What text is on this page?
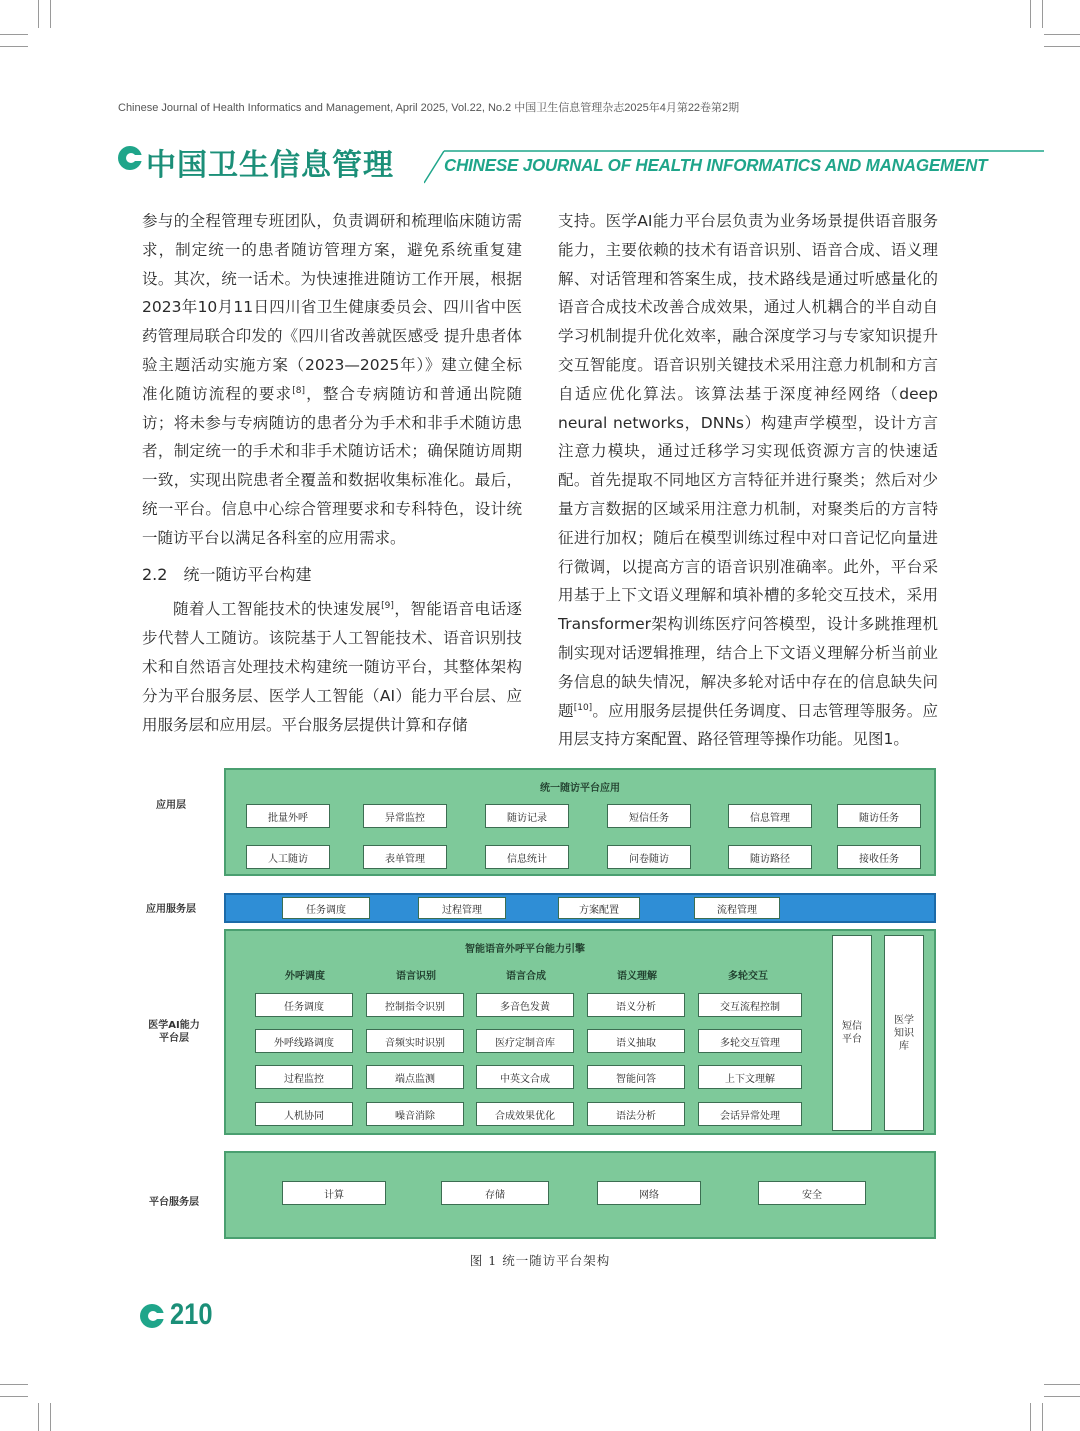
Chinese Journal of Health Informatics and Management, April 2025, Vol.22, No.2 中国卫生信息管理杂志2025年4月第22卷第2期
中国卫生信息管理	CHINESE JOURNAL OF HEALTH INFORMATICS AND MANAGEMENT

参与的全程管理专班团队，负责调研和梳理临床随访需求，制定统一的患者随访管理方案，避免系统重复建设。其次，统一话术。为快速推进随访工作开展，根据2023年10月11日四川省卫生健康委员会、四川省中医药管理局联合印发的《四川省改善就医感受 提升患者体验主题活动实施方案（2023—2025年）》建立健全标准化随访流程的要求[8]，整合专病随访和普通出院随访；将未参与专病随访的患者分为手术和非手术随访患者，制定统一的手术和非手术随访话术；确保随访周期一致，实现出院患者全覆盖和数据收集标准化。最后，统一平台。信息中心综合管理要求和专科特色，设计统一随访平台以满足各科室的应用需求。

2.2 统一随访平台构建

随着人工智能技术的快速发展[9]，智能语音电话逐步代替人工随访。该院基于人工智能技术、语音识别技术和自然语言处理技术构建统一随访平台，其整体架构分为平台服务层、医学人工智能（AI）能力平台层、应用服务层和应用层。平台服务层提供计算和存储

支持。医学AI能力平台层负责为业务场景提供语音服务能力，主要依赖的技术有语音识别、语音合成、语义理解、对话管理和答案生成，技术路线是通过听感量化的语音合成技术改善合成效果，通过人机耦合的半自动自学习机制提升优化效率，融合深度学习与专家知识提升交互智能度。语音识别关键技术采用注意力机制和方言自适应优化算法。该算法基于深度神经网络（deep neural networks，DNNs）构建声学模型，设计方言注意力模块，通过迁移学习实现低资源方言的快速适配。首先提取不同地区方言特征并进行聚类；然后对少量方言数据的区域采用注意力机制，对聚类后的方言特征进行加权；随后在模型训练过程中对口音记忆向量进行微调，以提高方言的语音识别准确率。此外，平台采用基于上下文语义理解和填补槽的多轮交互技术，采用Transformer架构训练医疗问答模型，设计多跳推理机制实现对话逻辑推理，结合上下文语义理解分析当前业务信息的缺失情况，解决多轮对话中存在的信息缺失问题[10]。应用服务层提供任务调度、日志管理等服务。应用层支持方案配置、路径管理等操作功能。见图1。

应用层
应用服务层
医学AI能力
平台层
平台服务层
统一随访平台应用
批量外呼	异常监控	随访记录	短信任务	信息管理	随访任务
人工随访	表单管理	信息统计	问卷随访	随访路径	接收任务
任务调度	过程管理	方案配置	流程管理
智能语音外呼平台能力引擎
外呼调度	语言识别	语言合成	语义理解	多轮交互
任务调度
外呼线路调度
过程监控
人机协同
控制指令识别
音频实时识别
端点监测
噪音消除
多音色发黄
医疗定制音库
中英文合成
合成效果优化
语义分析
语义抽取
智能问答
语法分析
交互流程控制
多轮交互管理
上下文理解
会话异常处理
短信
平台
医学
知识
库
计算	存储	网络	安全
图 1 统一随访平台架构
210
